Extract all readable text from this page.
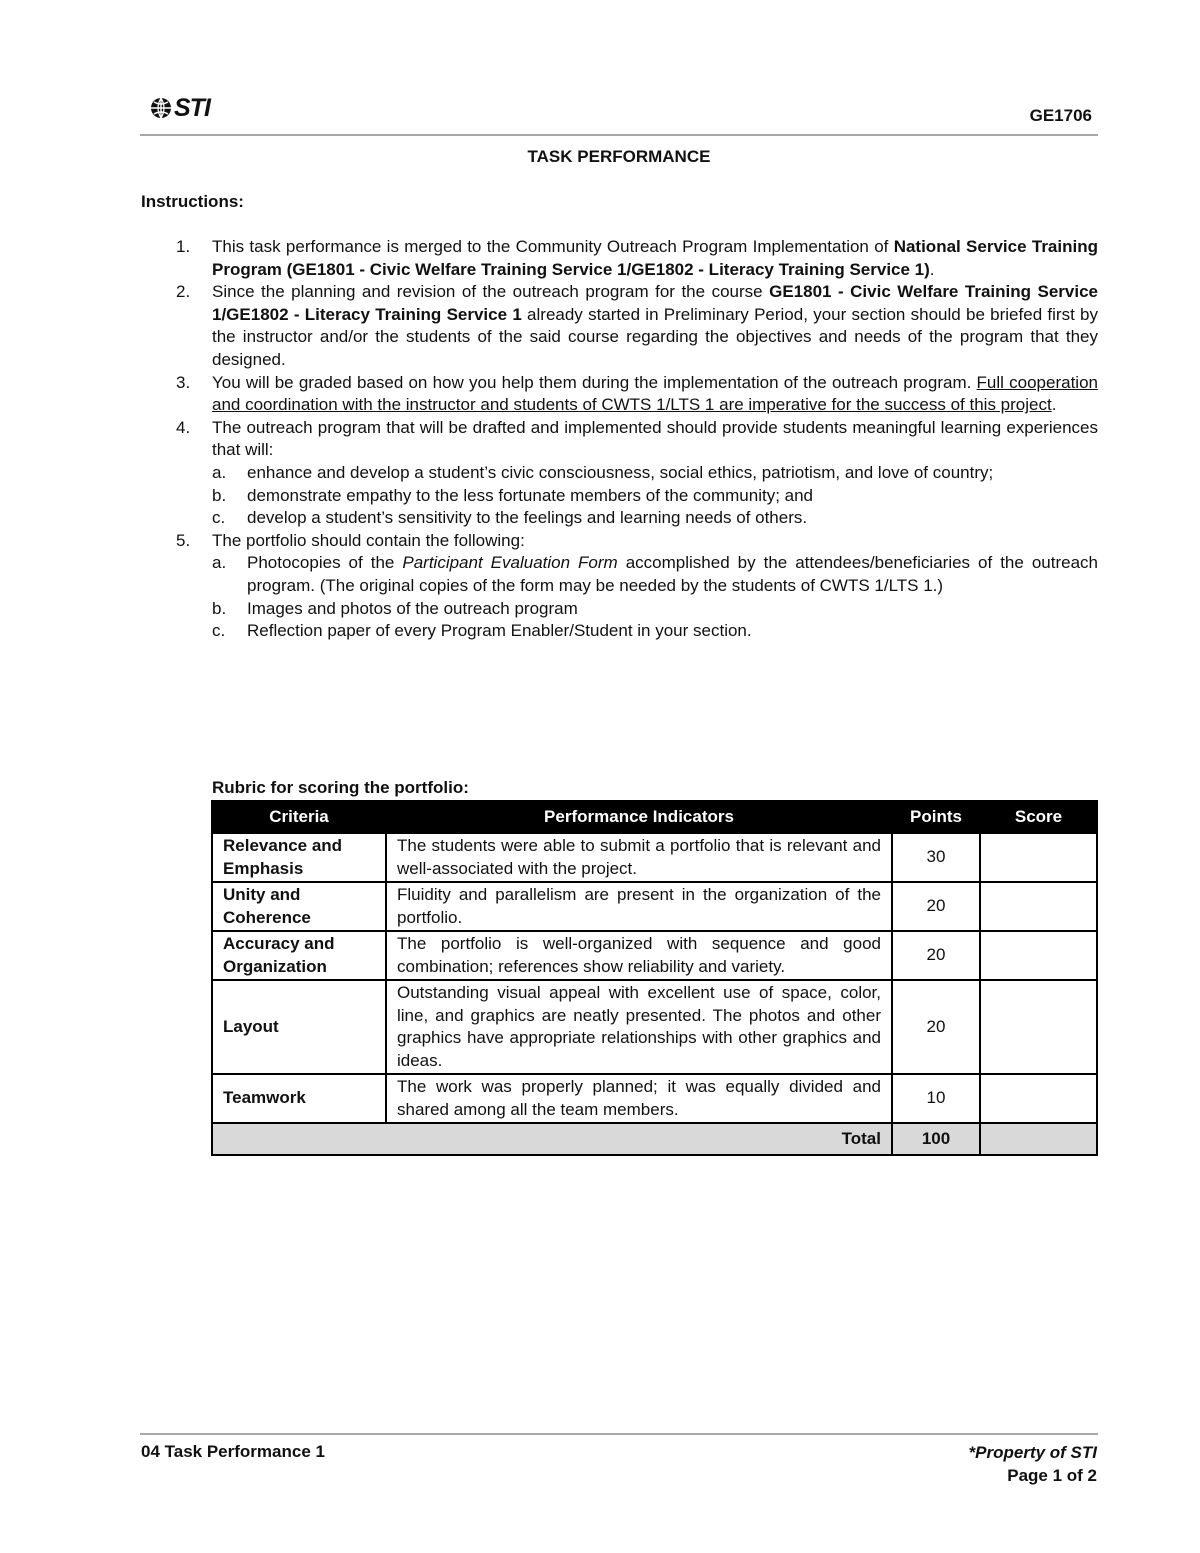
STI	GE1706
TASK PERFORMANCE
Instructions:
1. This task performance is merged to the Community Outreach Program Implementation of National Service Training Program (GE1801 - Civic Welfare Training Service 1/GE1802 - Literacy Training Service 1).
2. Since the planning and revision of the outreach program for the course GE1801 - Civic Welfare Training Service 1/GE1802 - Literacy Training Service 1 already started in Preliminary Period, your section should be briefed first by the instructor and/or the students of the said course regarding the objectives and needs of the program that they designed.
3. You will be graded based on how you help them during the implementation of the outreach program. Full cooperation and coordination with the instructor and students of CWTS 1/LTS 1 are imperative for the success of this project.
4. The outreach program that will be drafted and implemented should provide students meaningful learning experiences that will:
a. enhance and develop a student’s civic consciousness, social ethics, patriotism, and love of country;
b. demonstrate empathy to the less fortunate members of the community; and
c. develop a student’s sensitivity to the feelings and learning needs of others.
5. The portfolio should contain the following:
a. Photocopies of the Participant Evaluation Form accomplished by the attendees/beneficiaries of the outreach program. (The original copies of the form may be needed by the students of CWTS 1/LTS 1.)
b. Images and photos of the outreach program
c. Reflection paper of every Program Enabler/Student in your section.
Rubric for scoring the portfolio:
Criteria	Performance Indicators	Points	Score
Relevance and Emphasis	The students were able to submit a portfolio that is relevant and well-associated with the project.	30	
Unity and Coherence	Fluidity and parallelism are present in the organization of the portfolio.	20	
Accuracy and Organization	The portfolio is well-organized with sequence and good combination; references show reliability and variety.	20	
Layout	Outstanding visual appeal with excellent use of space, color, line, and graphics are neatly presented. The photos and other graphics have appropriate relationships with other graphics and ideas.	20	
Teamwork	The work was properly planned; it was equally divided and shared among all the team members.	10	
Total		100	
04 Task Performance 1	*Property of STI
Page 1 of 2
